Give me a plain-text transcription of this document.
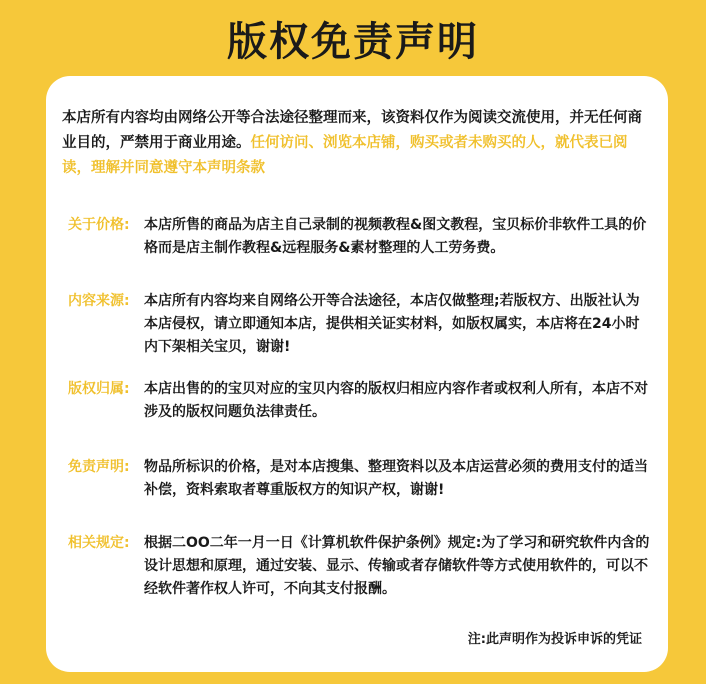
版权免责声明
本店所有内容均由网络公开等合法途径整理而来，该资料仅作为阅读交流使用，并无任何商业目的，严禁用于商业用途。任何访问、浏览本店铺，购买或者未购买的人，就代表已阅读，理解并同意遵守本声明条款
关于价格:	本店所售的商品为店主自己录制的视频教程&图文教程，宝贝标价非软件工具的价格而是店主制作教程&远程服务&素材整理的人工劳务费。
内容来源:	本店所有内容均来自网络公开等合法途径，本店仅做整理;若版权方、出版社认为本店侵权，请立即通知本店，提供相关证实材料，如版权属实，本店将在24小时内下架相关宝贝，谢谢!
版权归属:	本店出售的的宝贝对应的宝贝内容的版权归相应内容作者或权利人所有，本店不对涉及的版权问题负法律责任。
免责声明:	物品所标识的价格，是对本店搜集、整理资料以及本店运营必须的费用支付的适当补偿，资料索取者尊重版权方的知识产权，谢谢!
相关规定:	根据二OO二年一月一日《计算机软件保护条例》规定:为了学习和研究软件内含的设计思想和原理，通过安装、显示、传输或者存储软件等方式使用软件的，可以不经软件著作权人许可，不向其支付报酬。
注:此声明作为投诉申诉的凭证
